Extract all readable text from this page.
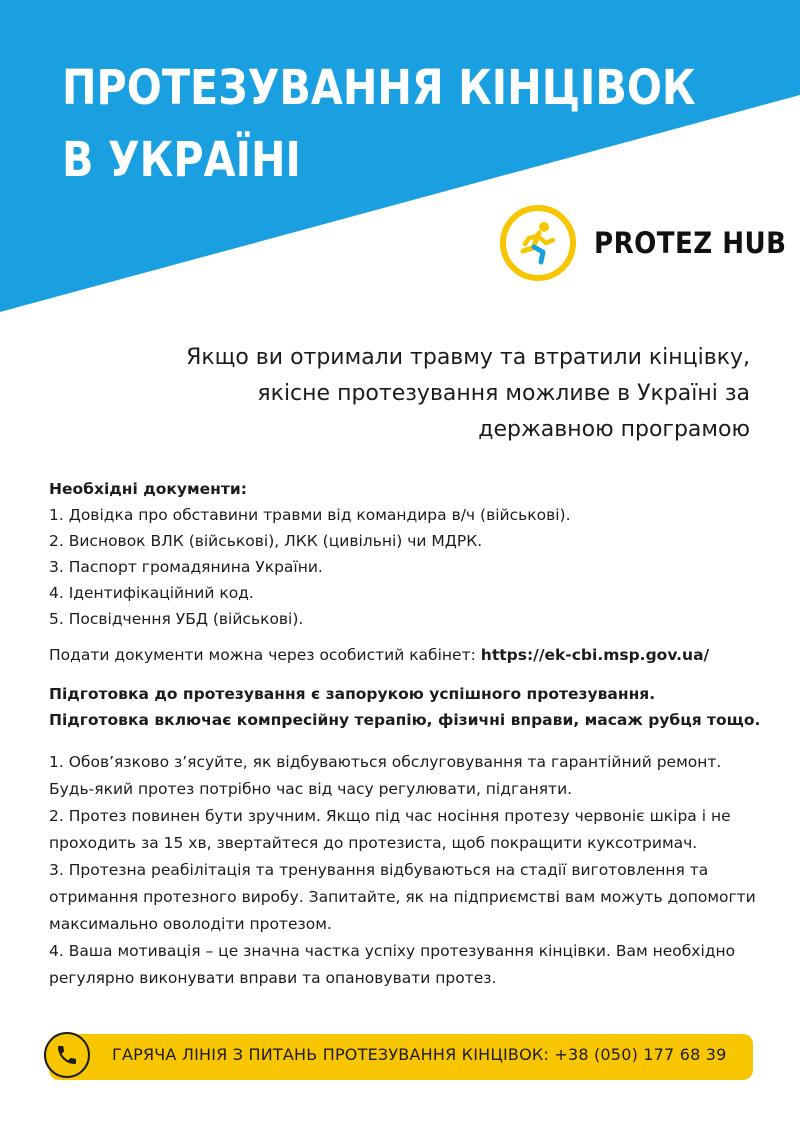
ПРОТЕЗУВАННЯ КІНЦІВОК
В УКРАЇНІ
PROTEZ HUB
Якщо ви отримали травму та втратили кінцівку,
якісне протезування можливе в Україні за
державною програмою

Необхідні документи:

1. Довідка про обставини травми від командира в/ч (військові).
2. Висновок ВЛК (військові), ЛКК (цивільні) чи МДРК.
3. Паспорт громадянина України.
4. Ідентифікаційний код.
5. Посвідчення УБД (військові).

Подати документи можна через особистий кабінет: https://ek-cbi.msp.gov.ua/

Підготовка до протезування є запорукою успішного протезування.
Підготовка включає компресійну терапію, фізичні вправи, масаж рубця тощо.

1. Обов’язково з’ясуйте, як відбуваються обслуговування та гарантійний ремонт. Будь-який протез потрібно час від часу регулювати, підганяти.

2. Протез повинен бути зручним. Якщо під час носіння протезу червоніє шкіра і не проходить за 15 хв, звертайтеся до протезиста, щоб покращити куксотримач.

3. Протезна реабілітація та тренування відбуваються на стадії виготовлення та отримання протезного виробу. Запитайте, як на підприємстві вам можуть допомогти максимально оволодіти протезом.

4. Ваша мотивація – це значна частка успіху протезування кінцівки. Вам необхідно регулярно виконувати вправи та опановувати протез.

ГАРЯЧА ЛІНІЯ З ПИТАНЬ ПРОТЕЗУВАННЯ КІНЦІВОК: +38 (050) 177 68 39
